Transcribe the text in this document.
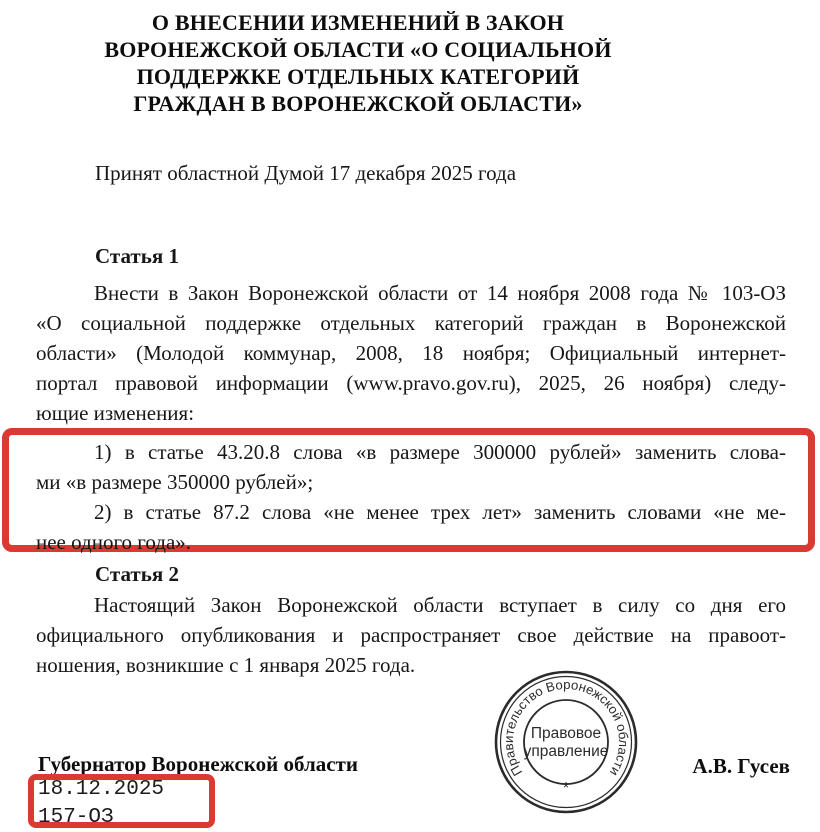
О ВНЕСЕНИИ ИЗМЕНЕНИЙ В ЗАКОН
ВОРОНЕЖСКОЙ ОБЛАСТИ «О СОЦИАЛЬНОЙ
ПОДДЕРЖКЕ ОТДЕЛЬНЫХ КАТЕГОРИЙ
ГРАЖДАН В ВОРОНЕЖСКОЙ ОБЛАСТИ»
Принят областной Думой 17 декабря 2025 года
Статья 1
Внести в Закон Воронежской области от 14 ноября 2008 года № 103-ОЗ
«О социальной поддержке отдельных категорий граждан в Воронежской
области» (Молодой коммунар, 2008, 18 ноября; Официальный интернет-
портал правовой информации (www.pravo.gov.ru), 2025, 26 ноября) следу-
ющие изменения:
1) в статье 43.20.8 слова «в размере 300000 рублей» заменить слова-
ми «в размере 350000 рублей»;
2) в статье 87.2 слова «не менее трех лет» заменить словами «не ме-
нее одного года».
Статья 2
Настоящий Закон Воронежской области вступает в силу со дня его
официального опубликования и распространяет свое действие на правоот-
ношения, возникшие с 1 января 2025 года.
Правительство Воронежской области
*
Правовое
управление
Губернатор Воронежской области	А.В. Гусев
18.12.2025
157-ОЗ
